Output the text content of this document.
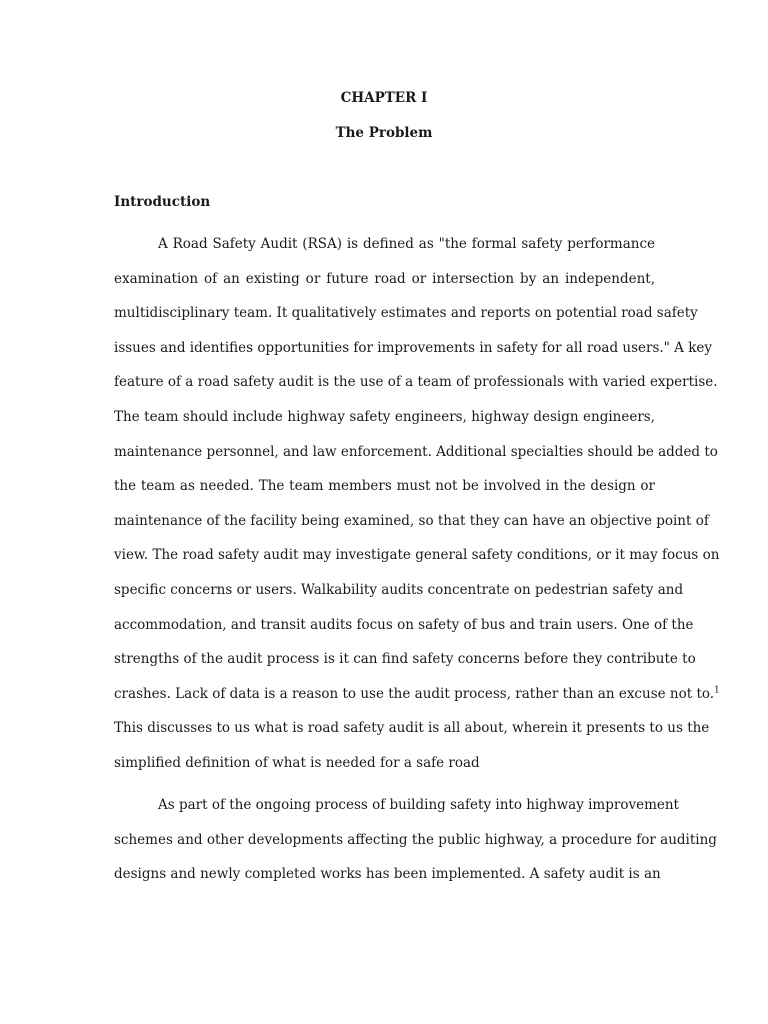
CHAPTER I
The Problem
Introduction
A Road Safety Audit (RSA) is defined as "the formal safety performance
examination of an existing or future road or intersection by an independent,
multidisciplinary team. It qualitatively estimates and reports on potential road safety
issues and identifies opportunities for improvements in safety for all road users." A key
feature of a road safety audit is the use of a team of professionals with varied expertise.
The team should include highway safety engineers, highway design engineers,
maintenance personnel, and law enforcement. Additional specialties should be added to
the team as needed. The team members must not be involved in the design or
maintenance of the facility being examined, so that they can have an objective point of
view. The road safety audit may investigate general safety conditions, or it may focus on
specific concerns or users. Walkability audits concentrate on pedestrian safety and
accommodation, and transit audits focus on safety of bus and train users. One of the
strengths of the audit process is it can find safety concerns before they contribute to
crashes. Lack of data is a reason to use the audit process, rather than an excuse not to.$^1$
This discusses to us what is road safety audit is all about, wherein it presents to us the
simplified definition of what is needed for a safe road
As part of the ongoing process of building safety into highway improvement
schemes and other developments affecting the public highway, a procedure for auditing
designs and newly completed works has been implemented. A safety audit is an
